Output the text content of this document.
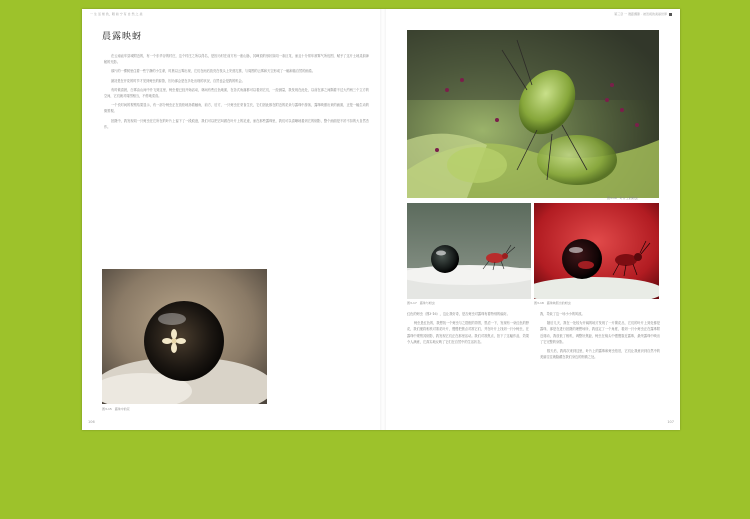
一 生 活 细 致，眼 前 宁 有 自 然 之 美
晨露映蚜

在云南哀牢县城附近的，有一个东华谷的村庄，这个村庄之所以得名，是因为村庄前方有一座山脉，其峰顶的形状如同一条巨龙，而且十分常年被雾气所包围，赋予了这片土地灵韵神秘的光影。

那片的一棵树里住着一些宁静的小生命，时晨以云雾出现，它们在雨后放亮在枝头上安营扎寨，与周围的云雾和天空形成了一幅和谐自然的画卷。

最初是在开花的时节才见到蚜虫的踪影，因为那会是在多处出现的状况，自然也会是我的机会。

有时候清晨，白雾由山间中升飞到这里，蚜虫便已经开始活动，林间有些红色地面，在各式角落都可以看到它们，一经测量，我发现在此处，以前在那之间隔着不过大约两三个立方的空间，它们就对周围相当，不停地觅食。

一个长时间的观察结果显示，有一部分蚜虫正在放松地扬着触角，前方，后方，一只蚜虫在采食生长，它们因此都在附近的花朵与露珠中游荡，露珠映照出来的画面，正是一幅生动的微景观。

拍摄中，我发现同一只蚜虫在它所在的叶片上留下了一段痕迹，我们可以把它叫做在叶片上的足迹，而在那些露珠里，我们可以清晰地看到它的倒影，整个画面是不折不扣的大自然杰作。

图3-15　露珠中的花
106
第三章 一 微距摄影 · 被忽视的美丽世界
图3-16　叶片上的蚜虫
图3-17　露珠与蚜虫	图3-18　露珠映照出的蚜虫

红色的蚜虫（图3-16），这让我好奇，是否蚜虫对露珠有着特别的偏好。

蚜虫是红色的，我想找一个蚜虫与之搭配的背景，思虑一下，发现有一朵红色的野花，我们便将相机对准花叶片，慢慢把焦点对准它们，并在叶片上找到一只小蚜虫，在露珠中观察其倒影，我发现它们正在那里活动。我们对准焦点，拍下了这幅作品，效果令人满意，它真实地反映了它们在自然中的生活状态。

我，导致了这一场小小的风波。

随后几天，我在一处较为开阔的地方发现了一片繁花丛，它们的叶片上到处都是露珠，那是在进行拍摄的理想场所，我选定了一个角度，看到一只小蚜虫正在露珠附近爬动，我放低了相机，调整好焦距，蚜虫在镜头中慢慢靠近露珠，最终露珠中映出了它完整的身影。

数天后，我再次来到这里，叶片上的露珠和蚜虫依旧，它们让我意识到自然中的美丽往往就隐藏在我们身边的细微之处。

107
